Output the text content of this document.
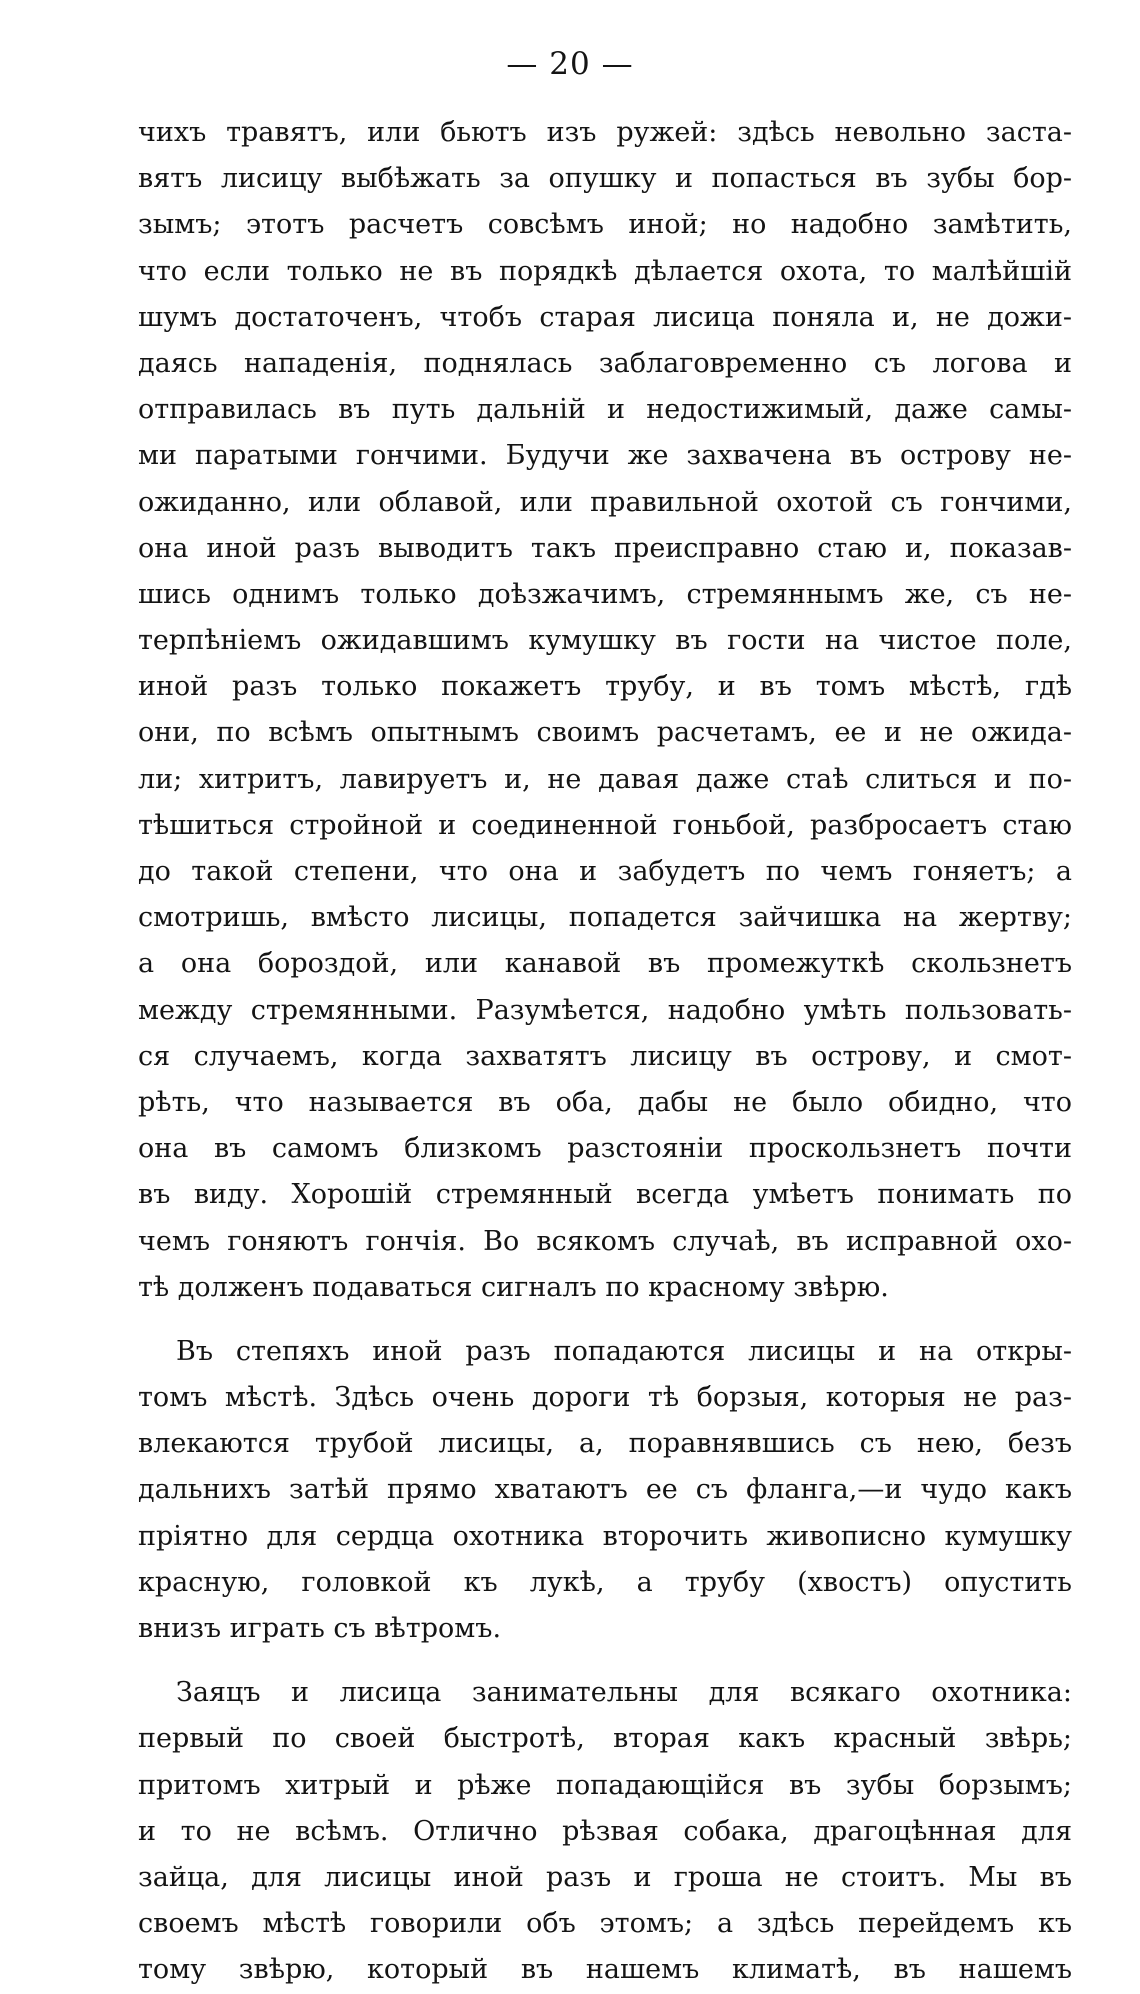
— 20 —
чихъ травятъ, или бьютъ изъ ружей: здѣсь невольно заста-
вятъ лисицу выбѣжать за опушку и попасться въ зубы бор-
зымъ; этотъ расчетъ совсѣмъ иной; но надобно замѣтить,
что если только не въ порядкѣ дѣлается охота, то малѣйшій
шумъ достаточенъ, чтобъ старая лисица поняла и, не дожи-
даясь нападенія, поднялась заблаговременно съ логова и
отправилась въ путь дальній и недостижимый, даже самы-
ми паратыми гончими. Будучи же захвачена въ острову не-
ожиданно, или облавой, или правильной охотой съ гончими,
она иной разъ выводитъ такъ преисправно стаю и, показав-
шись однимъ только доѣзжачимъ, стремяннымъ же, съ не-
терпѣніемъ ожидавшимъ кумушку въ гости на чистое поле,
иной разъ только покажетъ трубу, и въ томъ мѣстѣ, гдѣ
они, по всѣмъ опытнымъ своимъ расчетамъ, ее и не ожида-
ли; хитритъ, лавируетъ и, не давая даже стаѣ слиться и по-
тѣшиться стройной и соединенной гоньбой, разбросаетъ стаю
до такой степени, что она и забудетъ по чемъ гоняетъ; а
смотришь, вмѣсто лисицы, попадется зайчишка на жертву;
а она бороздой, или канавой въ промежуткѣ скользнетъ
между стремянными. Разумѣется, надобно умѣть пользовать-
ся случаемъ, когда захватятъ лисицу въ острову, и смот-
рѣть, что называется въ оба, дабы не было обидно, что
она въ самомъ близкомъ разстояніи проскользнетъ почти
въ виду. Хорошій стремянный всегда умѣетъ понимать по
чемъ гоняютъ гончія. Во всякомъ случаѣ, въ исправной охо-
тѣ долженъ подаваться сигналъ по красному звѣрю.
Въ степяхъ иной разъ попадаются лисицы и на откры-
томъ мѣстѣ. Здѣсь очень дороги тѣ борзыя, которыя не раз-
влекаются трубой лисицы, а, поравнявшись съ нею, безъ
дальнихъ затѣй прямо хватаютъ ее съ фланга,—и чудо какъ
пріятно для сердца охотника второчить живописно кумушку
красную, головкой къ лукѣ, а трубу (хвостъ) опустить
внизъ играть съ вѣтромъ.
Заяцъ и лисица занимательны для всякаго охотника:
первый по своей быстротѣ, вторая какъ красный звѣрь;
притомъ хитрый и рѣже попадающійся въ зубы борзымъ;
и то не всѣмъ. Отлично рѣзвая собака, драгоцѣнная для
зайца, для лисицы иной разъ и гроша не стоитъ. Мы въ
своемъ мѣстѣ говорили объ этомъ; а здѣсь перейдемъ къ
тому звѣрю, который въ нашемъ климатѣ, въ нашемъ
